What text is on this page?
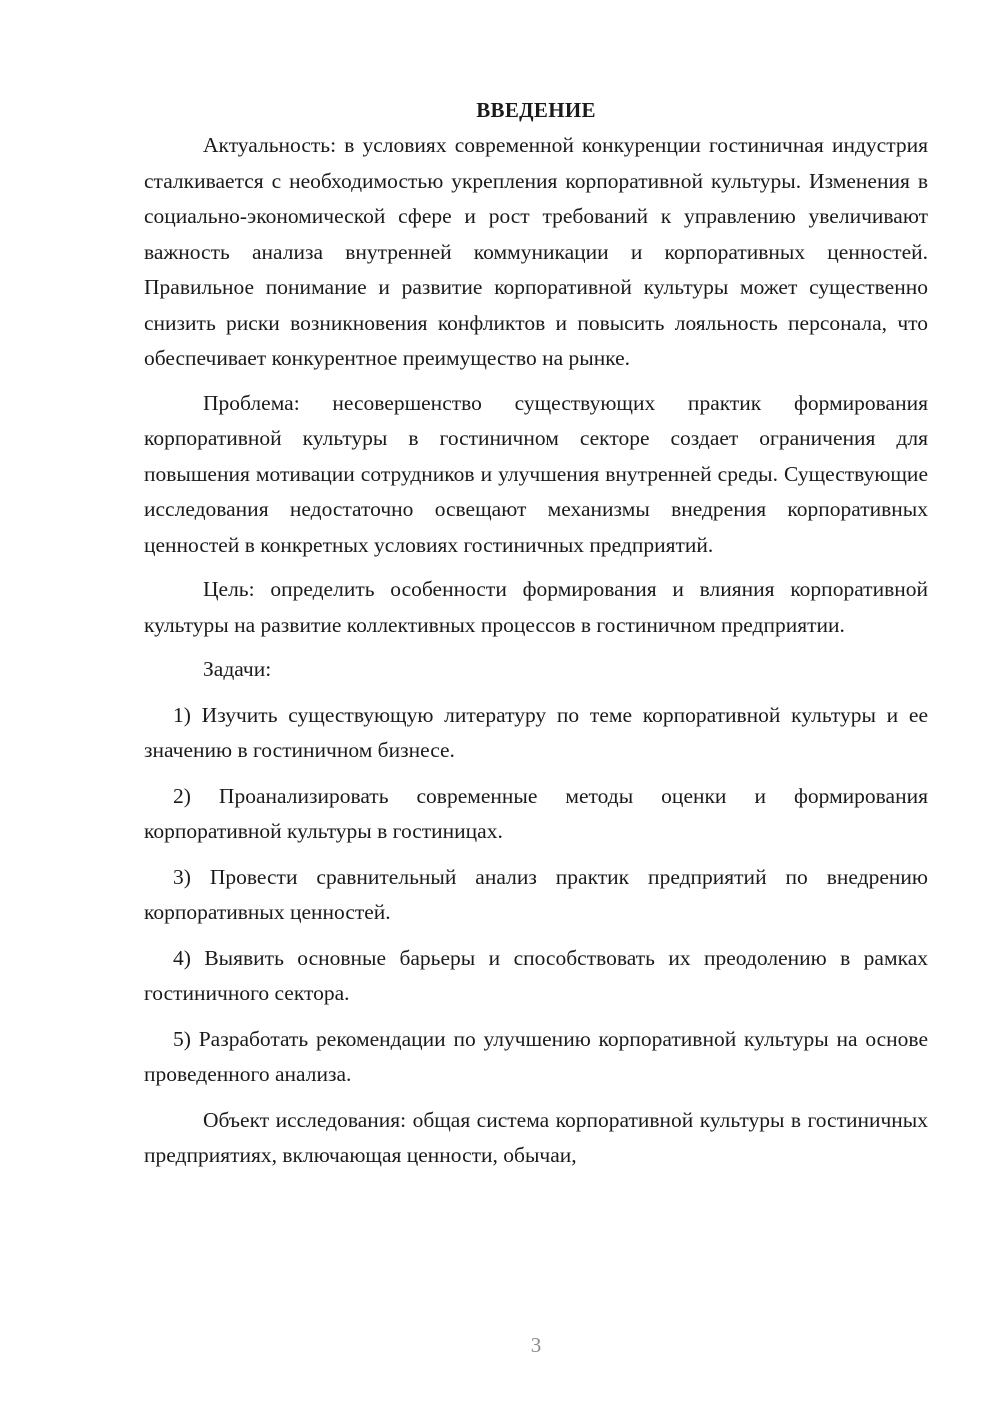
ВВЕДЕНИЕ

Актуальность: в условиях современной конкуренции гостиничная индустрия сталкивается с необходимостью укрепления корпоративной культуры. Изменения в социально-экономической сфере и рост требований к управлению увеличивают важность анализа внутренней коммуникации и корпоративных ценностей. Правильное понимание и развитие корпоративной культуры может существенно снизить риски возникновения конфликтов и повысить лояльность персонала, что обеспечивает конкурентное преимущество на рынке.

Проблема: несовершенство существующих практик формирования корпоративной культуры в гостиничном секторе создает ограничения для повышения мотивации сотрудников и улучшения внутренней среды. Существующие исследования недостаточно освещают механизмы внедрения корпоративных ценностей в конкретных условиях гостиничных предприятий.

Цель: определить особенности формирования и влияния корпоративной культуры на развитие коллективных процессов в гостиничном предприятии.

Задачи:

1) Изучить существующую литературу по теме корпоративной культуры и ее значению в гостиничном бизнесе.

2) Проанализировать современные методы оценки и формирования корпоративной культуры в гостиницах.

3) Провести сравнительный анализ практик предприятий по внедрению корпоративных ценностей.

4) Выявить основные барьеры и способствовать их преодолению в рамках гостиничного сектора.

5) Разработать рекомендации по улучшению корпоративной культуры на основе проведенного анализа.

Объект исследования: общая система корпоративной культуры в гостиничных предприятиях, включающая ценности, обычаи,

3
